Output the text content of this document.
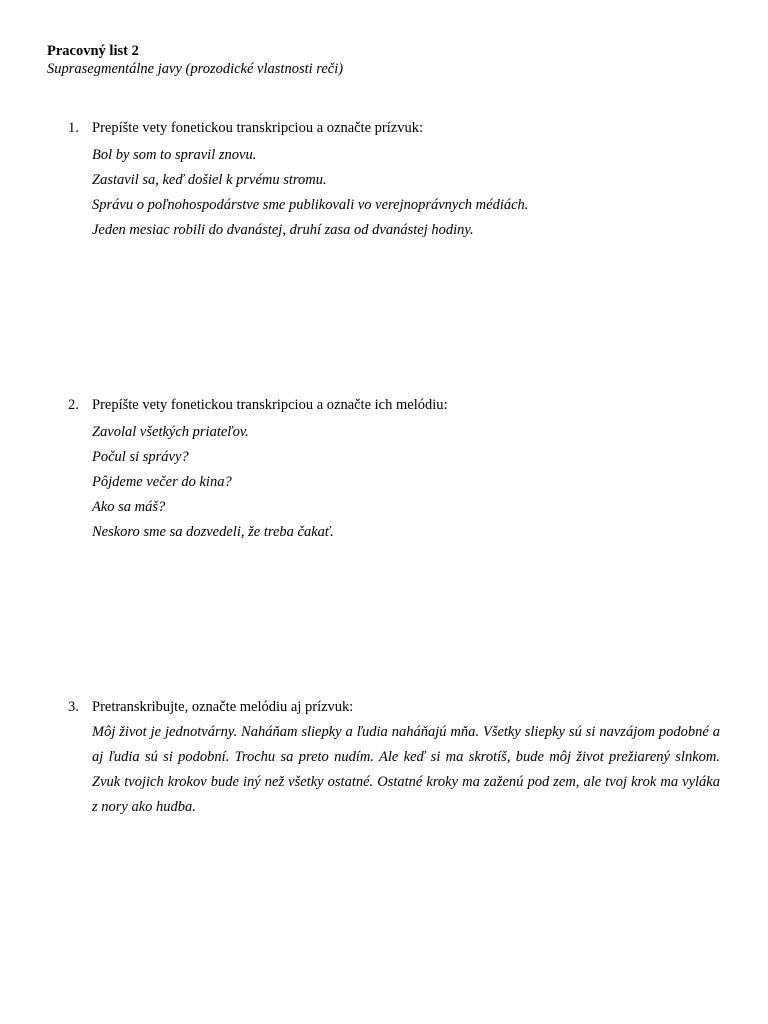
Pracovný list 2
Suprasegmentálne javy (prozodické vlastnosti reči)
1. Prepíšte vety fonetickou transkripciou a označte prízvuk:
Bol by som to spravil znovu.
Zastavil sa, keď došiel k prvému stromu.
Správu o poľnohospodárstve sme publikovali vo verejnoprávnych médiách.
Jeden mesiac robili do dvanástej, druhí zasa od dvanástej hodiny.
2. Prepíšte vety fonetickou transkripciou a označte ich melódiu:
Zavolal všetkých priateľov.
Počul si správy?
Pôjdeme večer do kina?
Ako sa máš?
Neskoro sme sa dozvedeli, že treba čakať.
3. Pretranskribujte, označte melódiu aj prízvuk:
Môj život je jednotvárny. Naháňam sliepky a ľudia naháňajú mňa. Všetky sliepky sú si navzájom podobné a aj ľudia sú si podobní. Trochu sa preto nudím. Ale keď si ma skrotíš, bude môj život prežiarený slnkom. Zvuk tvojich krokov bude iný než všetky ostatné. Ostatné kroky ma zaženú pod zem, ale tvoj krok ma vyláka z nory ako hudba.
